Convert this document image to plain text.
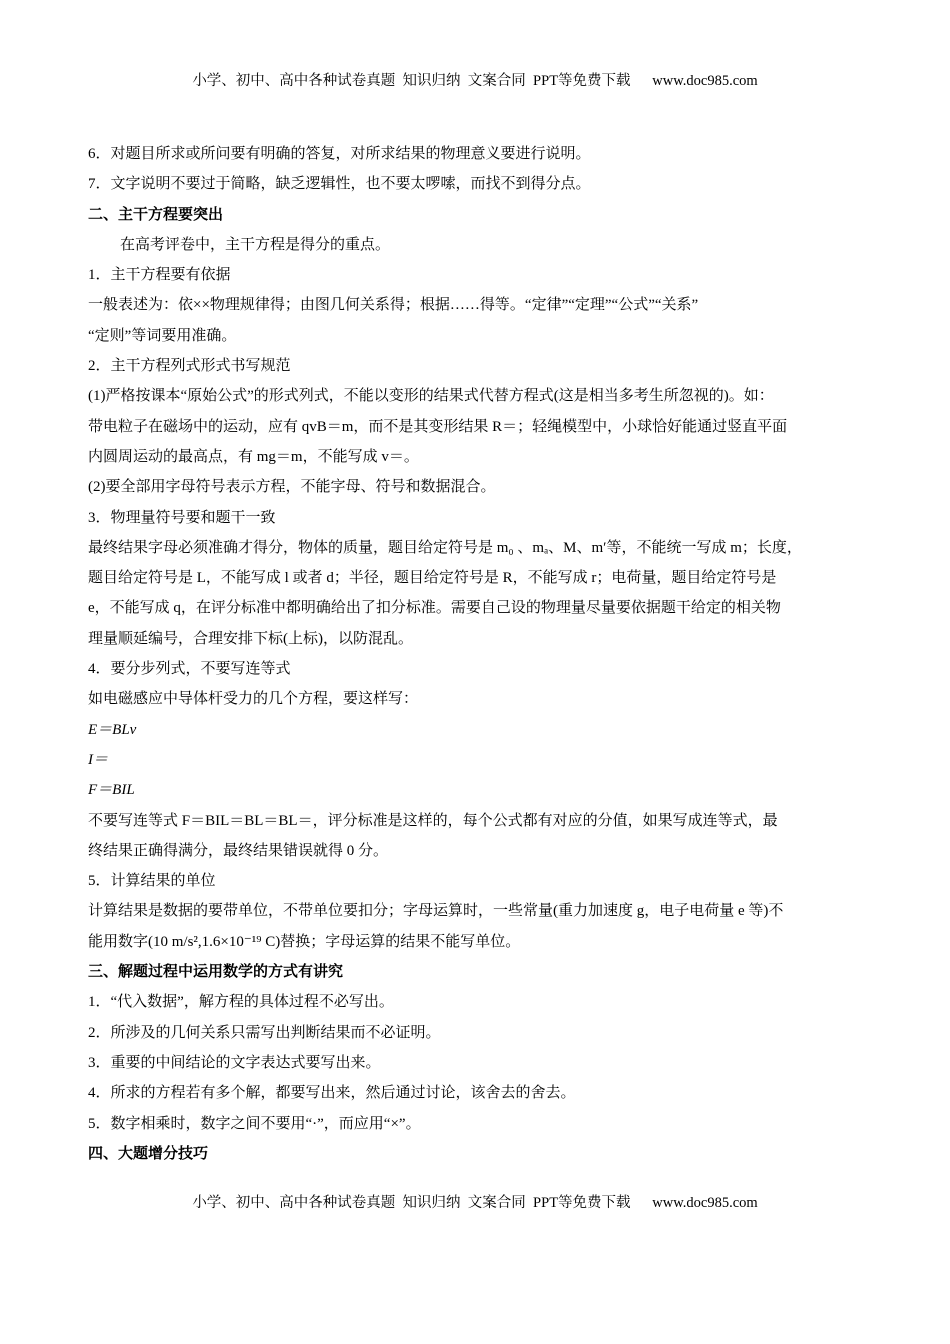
小学、初中、高中各种试卷真题  知识归纳  文案合同  PPT等免费下载      www.doc985.com
6．对题目所求或所问要有明确的答复，对所求结果的物理意义要进行说明。
7．文字说明不要过于简略，缺乏逻辑性，也不要太啰嗦，而找不到得分点。
二、主干方程要突出
在高考评卷中，主干方程是得分的重点。
1．主干方程要有依据
一般表述为：依××物理规律得；由图几何关系得；根据……得等。“定律”“定理”“公式”“关系”
“定则”等词要用准确。
2．主干方程列式形式书写规范
(1)严格按课本“原始公式”的形式列式，不能以变形的结果式代替方程式(这是相当多考生所忽视的)。如：
带电粒子在磁场中的运动，应有 qvB＝m，而不是其变形结果 R＝；轻绳模型中，小球恰好能通过竖直平面
内圆周运动的最高点，有 mg＝m，不能写成 v＝。
(2)要全部用字母符号表示方程，不能字母、符号和数据混合。
3．物理量符号要和题干一致
最终结果字母必须准确才得分，物体的质量，题目给定符号是 m₀ 、mₐ、M、m′等，不能统一写成 m；长度，
题目给定符号是 L，不能写成 l 或者 d；半径，题目给定符号是 R，不能写成 r；电荷量，题目给定符号是
e，不能写成 q，在评分标准中都明确给出了扣分标准。需要自己设的物理量尽量要依据题干给定的相关物
理量顺延编号，合理安排下标(上标)，以防混乱。
4．要分步列式，不要写连等式
如电磁感应中导体杆受力的几个方程，要这样写：
E＝BLv
I＝
F＝BIL
不要写连等式 F＝BIL＝BL＝BL＝，评分标准是这样的，每个公式都有对应的分值，如果写成连等式，最
终结果正确得满分，最终结果错误就得 0 分。
5．计算结果的单位
计算结果是数据的要带单位，不带单位要扣分；字母运算时，一些常量(重力加速度 g，电子电荷量 e 等)不
能用数字(10 m/s²,1.6×10⁻¹⁹ C)替换；字母运算的结果不能写单位。
三、解题过程中运用数学的方式有讲究
1．“代入数据”，解方程的具体过程不必写出。
2．所涉及的几何关系只需写出判断结果而不必证明。
3．重要的中间结论的文字表达式要写出来。
4．所求的方程若有多个解，都要写出来，然后通过讨论，该舍去的舍去。
5．数字相乘时，数字之间不要用“·”，而应用“×”。
四、大题增分技巧
小学、初中、高中各种试卷真题  知识归纳  文案合同  PPT等免费下载      www.doc985.com
